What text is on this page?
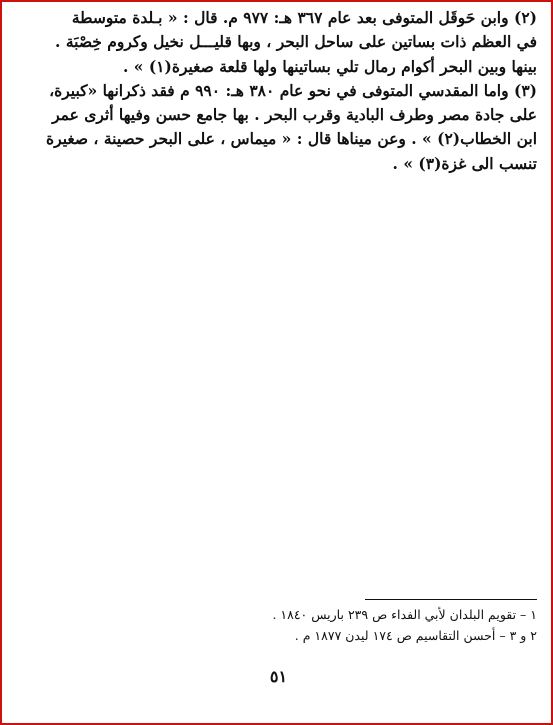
(٢) وابن حَوقَل المتوفى بعد عام ٣٦٧ هـ: ٩٧٧ م. قال : « بـلدة متوسطة
في العظم ذات بساتين على ساحل البحر ، وبها قليـــل نخيل وكروم خِصْبَة .
بينها وبين البحر أكوام رمال تلي بساتينها ولها قلعة صغيرة(١) » .

(٣) واما المقدسي المتوفى في نحو عام ٣٨٠ هـ: ٩٩٠ م فقد ذكرانها «كبيرة،
على جادة مصر وطرف البادية وقرب البحر . بها جامع حسن وفيها أثرى عمر
ابن الخطاب(٢) » . وعن ميناها قال : « ميماس ، على البحر حصينة ، صغيرة
تنسب الى غزة(٣) » .

١ – تقويم البلدان لأبي الفداء ص ٢٣٩ باريس ١٨٤٠ .
٢ و ٣ – أحسن التقاسيم ص ١٧٤ ليدن ١٨٧٧ م .
٥١
